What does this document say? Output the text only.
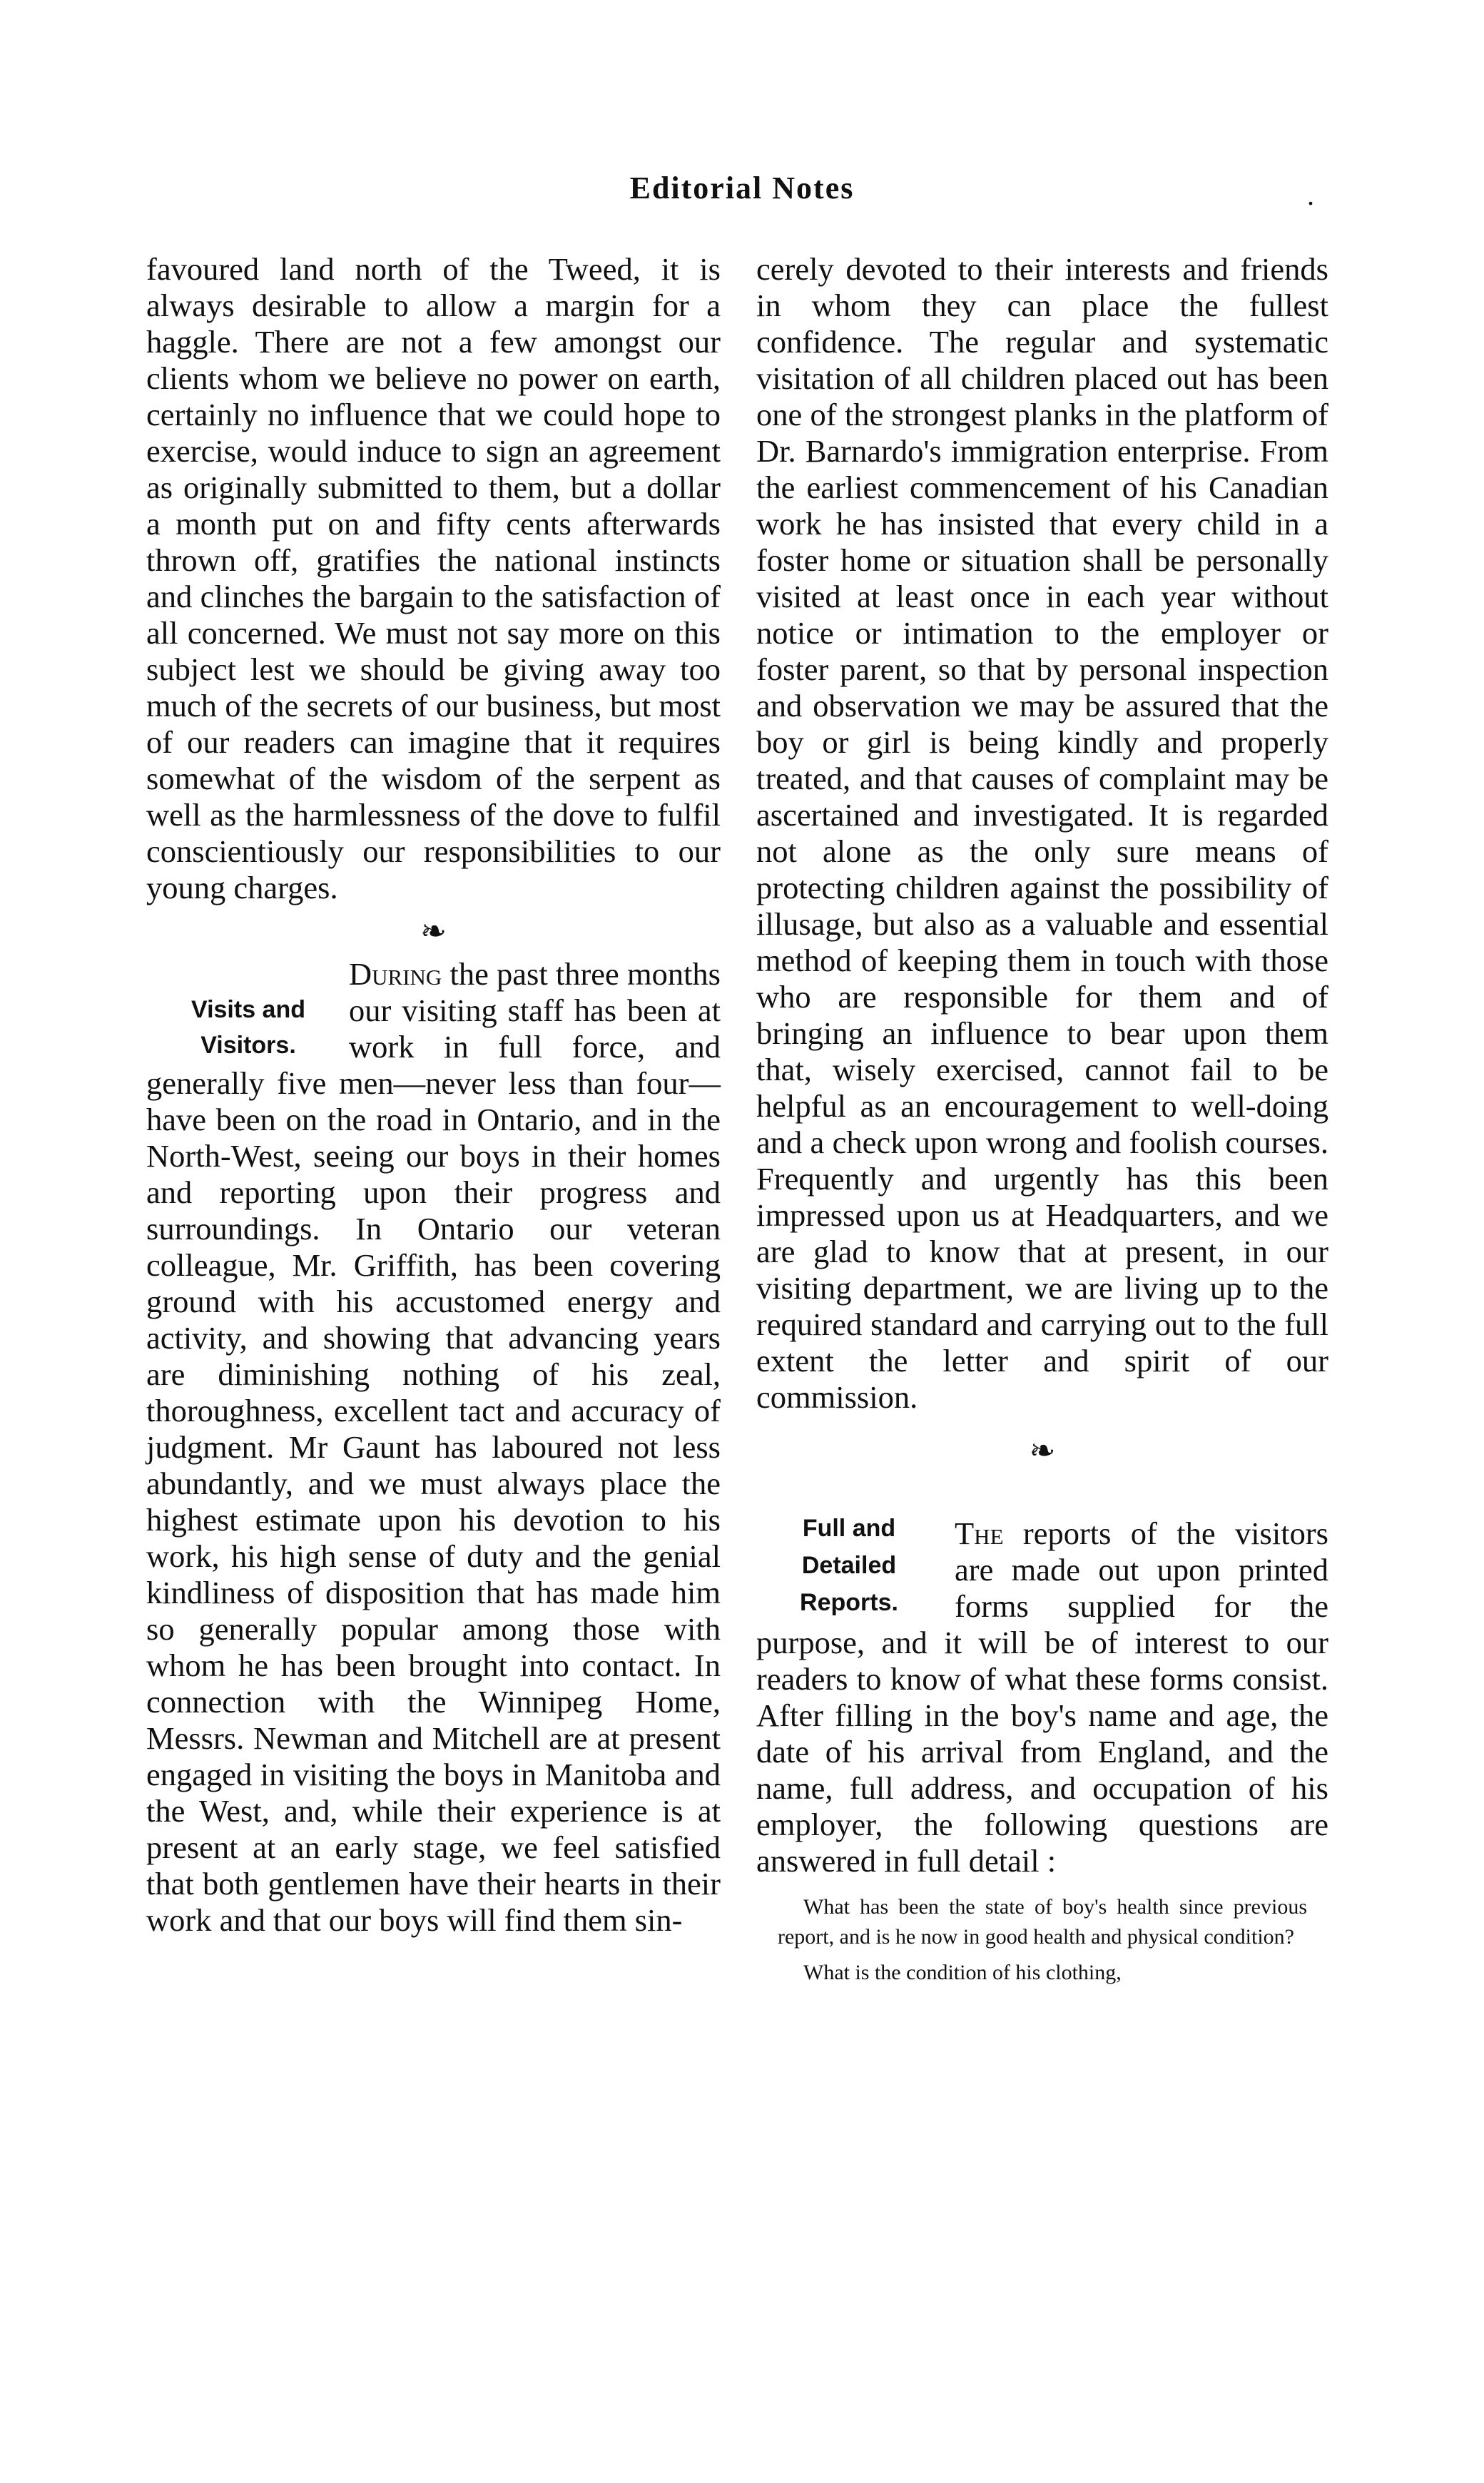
Editorial Notes	.

favoured land north of the Tweed, it is always desirable to allow a margin for a haggle. There are not a few amongst our clients whom we believe no power on earth, certainly no influence that we could hope to exercise, would induce to sign an agreement as originally submitted to them, but a dollar a month put on and fifty cents afterwards thrown off, gratifies the national instincts and clinches the bargain to the satisfaction of all concerned. We must not say more on this subject lest we should be giving away too much of the secrets of our business, but most of our readers can imagine that it requires somewhat of the wisdom of the serpent as well as the harmlessness of the dove to fulfil conscientiously our responsibilities to our young charges.

❧
Visits and Visitors.

During the past three months our visiting staff has been at work in full force, and generally five men—never less than four—have been on the road in Ontario, and in the North-West, seeing our boys in their homes and reporting upon their progress and surroundings. In Ontario our veteran colleague, Mr. Griffith, has been covering ground with his accustomed energy and activity, and showing that advancing years are diminishing nothing of his zeal, thoroughness, excellent tact and accuracy of judgment. Mr Gaunt has laboured not less abundantly, and we must always place the highest estimate upon his devotion to his work, his high sense of duty and the genial kindliness of disposition that has made him so generally popular among those with whom he has been brought into contact. In connection with the Winnipeg Home, Messrs. Newman and Mitchell are at present engaged in visiting the boys in Manitoba and the West, and, while their experience is at present at an early stage, we feel satisfied that both gentlemen have their hearts in their work and that our boys will find them sin-

cerely devoted to their interests and friends in whom they can place the fullest confidence. The regular and systematic visitation of all children placed out has been one of the strongest planks in the platform of Dr. Barnardo's immigration enterprise. From the earliest commencement of his Canadian work he has insisted that every child in a foster home or situation shall be personally visited at least once in each year without notice or intimation to the employer or foster parent, so that by personal inspection and observation we may be assured that the boy or girl is being kindly and properly treated, and that causes of complaint may be ascertained and investigated. It is regarded not alone as the only sure means of protecting children against the possibility of illusage, but also as a valuable and essential method of keeping them in touch with those who are responsible for them and of bringing an influence to bear upon them that, wisely exercised, cannot fail to be helpful as an encouragement to well-doing and a check upon wrong and foolish courses. Frequently and urgently has this been impressed upon us at Headquarters, and we are glad to know that at present, in our visiting department, we are living up to the required standard and carrying out to the full extent the letter and spirit of our commission.

❧
Full and Detailed Reports.

The reports of the visitors are made out upon printed forms supplied for the purpose, and it will be of interest to our readers to know of what these forms consist. After filling in the boy's name and age, the date of his arrival from England, and the name, full address, and occupation of his employer, the following questions are answered in full detail :

What has been the state of boy's health since previous report, and is he now in good health and physical condition?
What is the condition of his clothing,
